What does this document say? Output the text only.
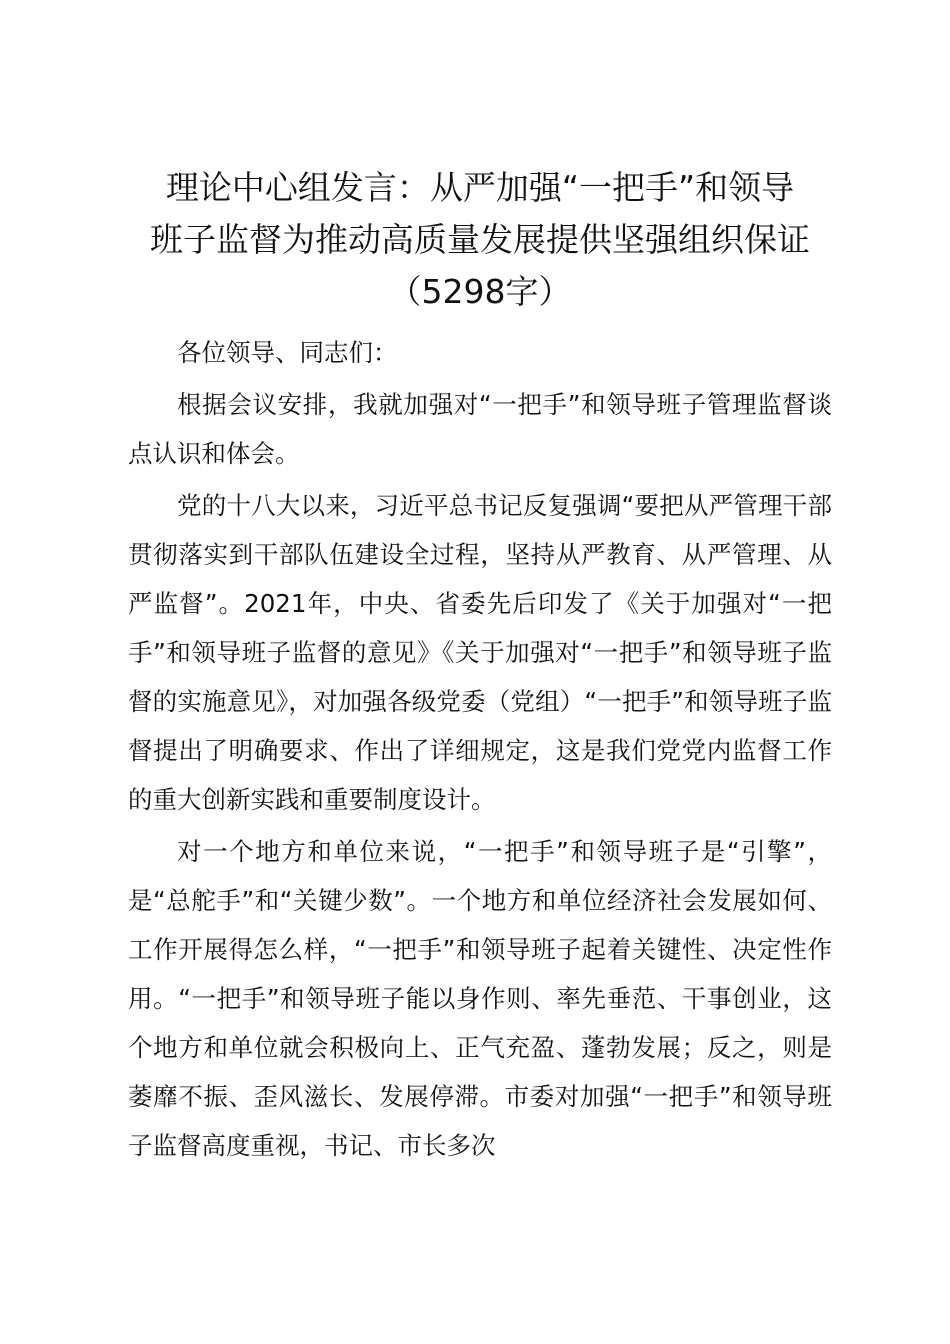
理论中心组发言：从严加强“一把手”和领导
班子监督为推动高质量发展提供坚强组织保证
（5298字）

各位领导、同志们：

根据会议安排，我就加强对“一把手”和领导班子管理监督谈点认识和体会。

党的十八大以来，习近平总书记反复强调“要把从严管理干部贯彻落实到干部队伍建设全过程，坚持从严教育、从严管理、从严监督”。2021年，中央、省委先后印发了《关于加强对“一把手”和领导班子监督的意见》《关于加强对“一把手”和领导班子监督的实施意见》，对加强各级党委（党组）“一把手”和领导班子监督提出了明确要求、作出了详细规定，这是我们党党内监督工作的重大创新实践和重要制度设计。

对一个地方和单位来说，“一把手”和领导班子是“引擎”，是“总舵手”和“关键少数”。一个地方和单位经济社会发展如何、工作开展得怎么样，“一把手”和领导班子起着关键性、决定性作用。“一把手”和领导班子能以身作则、率先垂范、干事创业，这个地方和单位就会积极向上、正气充盈、蓬勃发展；反之，则是萎靡不振、歪风滋长、发展停滞。市委对加强“一把手”和领导班子监督高度重视，书记、市长多次
